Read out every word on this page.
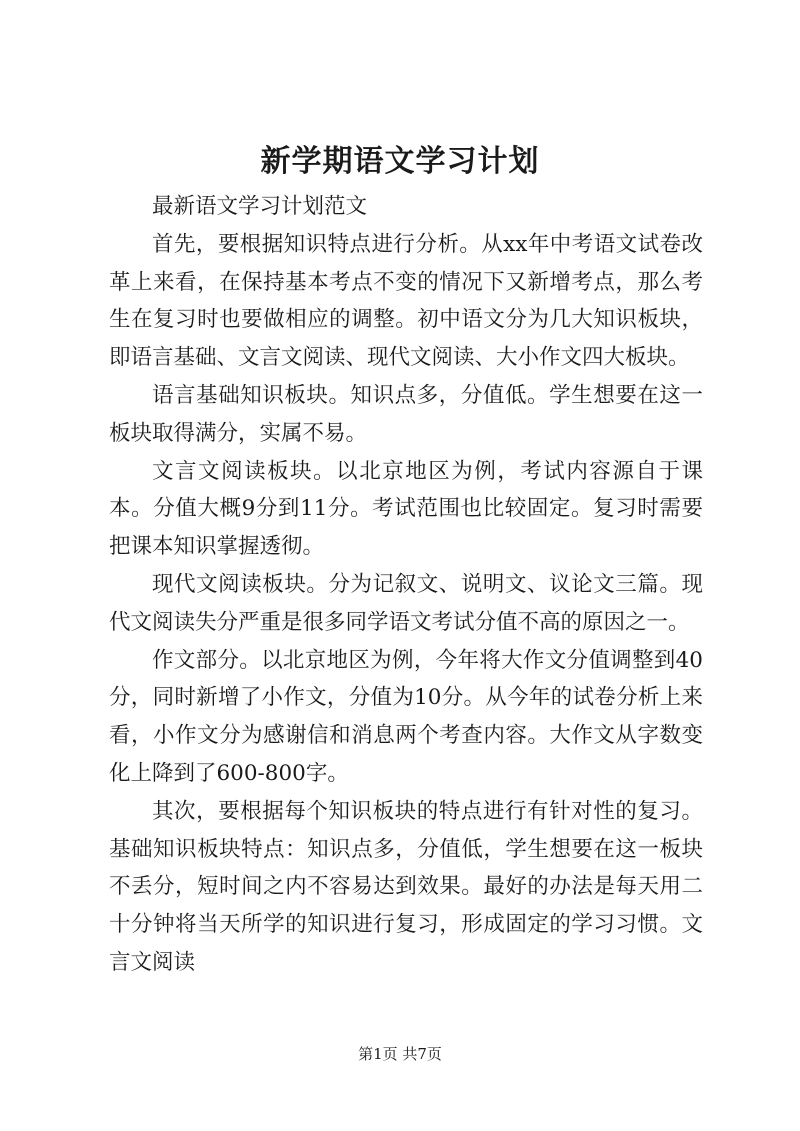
新学期语文学习计划

最新语文学习计划范文

首先，要根据知识特点进行分析。从xx年中考语文试卷改革上来看，在保持基本考点不变的情况下又新增考点，那么考生在复习时也要做相应的调整。初中语文分为几大知识板块，即语言基础、文言文阅读、现代文阅读、大小作文四大板块。

语言基础知识板块。知识点多，分值低。学生想要在这一板块取得满分，实属不易。

文言文阅读板块。以北京地区为例，考试内容源自于课本。分值大概9分到11分。考试范围也比较固定。复习时需要把课本知识掌握透彻。

现代文阅读板块。分为记叙文、说明文、议论文三篇。现代文阅读失分严重是很多同学语文考试分值不高的原因之一。

作文部分。以北京地区为例，今年将大作文分值调整到40分，同时新增了小作文，分值为10分。从今年的试卷分析上来看，小作文分为感谢信和消息两个考查内容。大作文从字数变化上降到了600-800字。

其次，要根据每个知识板块的特点进行有针对性的复习。基础知识板块特点：知识点多，分值低，学生想要在这一板块不丢分，短时间之内不容易达到效果。最好的办法是每天用二十分钟将当天所学的知识进行复习，形成固定的学习习惯。文言文阅读

第1页 共7页
